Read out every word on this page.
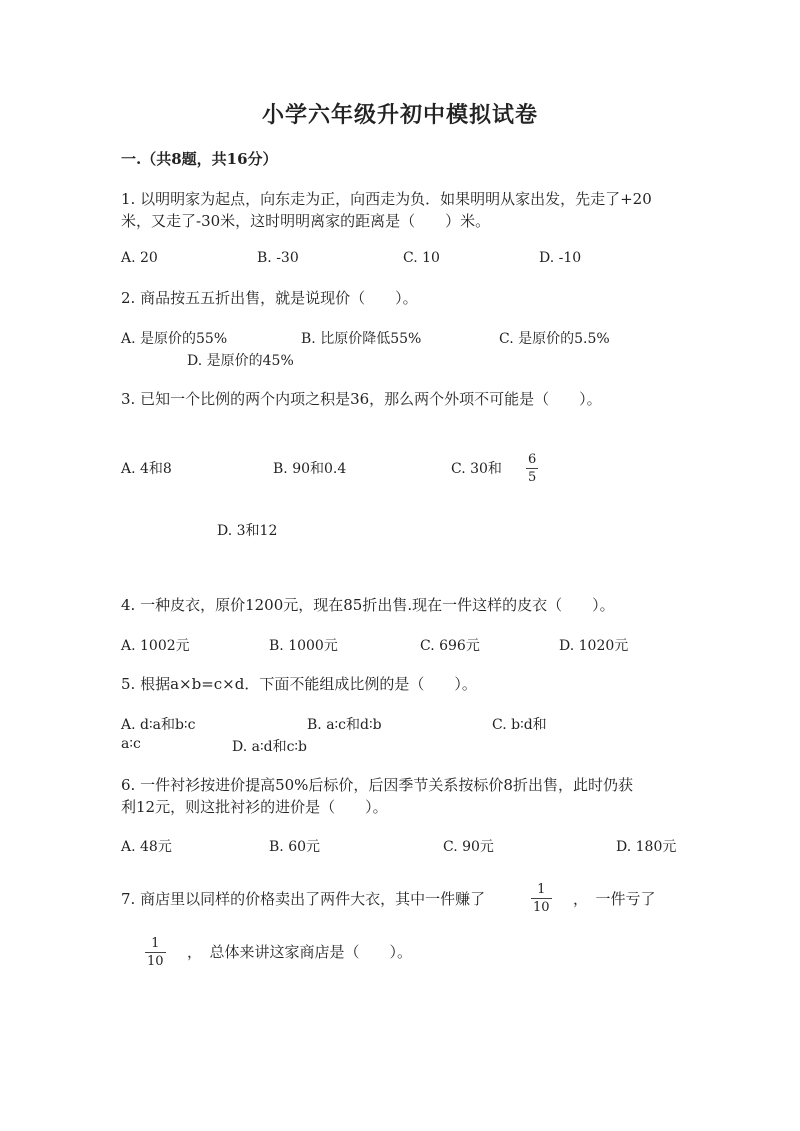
小学六年级升初中模拟试卷
一.（共8题，共16分）
1. 以明明家为起点，向东走为正，向西走为负．如果明明从家出发，先走了+20
米，又走了-30米，这时明明离家的距离是（　　）米。
A. 20	B. -30	C. 10	D. -10
2. 商品按五五折出售，就是说现价（　　）。
A. 是原价的55%	B. 比原价降低55%	C. 是原价的5.5%
D. 是原价的45%
3. 已知一个比例的两个内项之积是36，那么两个外项不可能是（　　）。
A. 4和8	B. 90和0.4	C. 30和
6
5
D. 3和12
4. 一种皮衣，原价1200元，现在85折出售.现在一件这样的皮衣（　　）。
A. 1002元	B. 1000元	C. 696元	D. 1020元
5. 根据a×b=c×d．下面不能组成比例的是（　　）。
A. d∶a和b∶c	B. a∶c和d∶b	C. b∶d和
a∶c	D. a∶d和c∶b
6. 一件衬衫按进价提高50%后标价，后因季节关系按标价8折出售，此时仍获
利12元，则这批衬衫的进价是（　　）。
A. 48元	B. 60元	C. 90元	D. 180元
7. 商店里以同样的价格卖出了两件大衣，其中一件赚了
1
10 ，　一件亏了
1
10
，　总体来讲这家商店是（　　）。
